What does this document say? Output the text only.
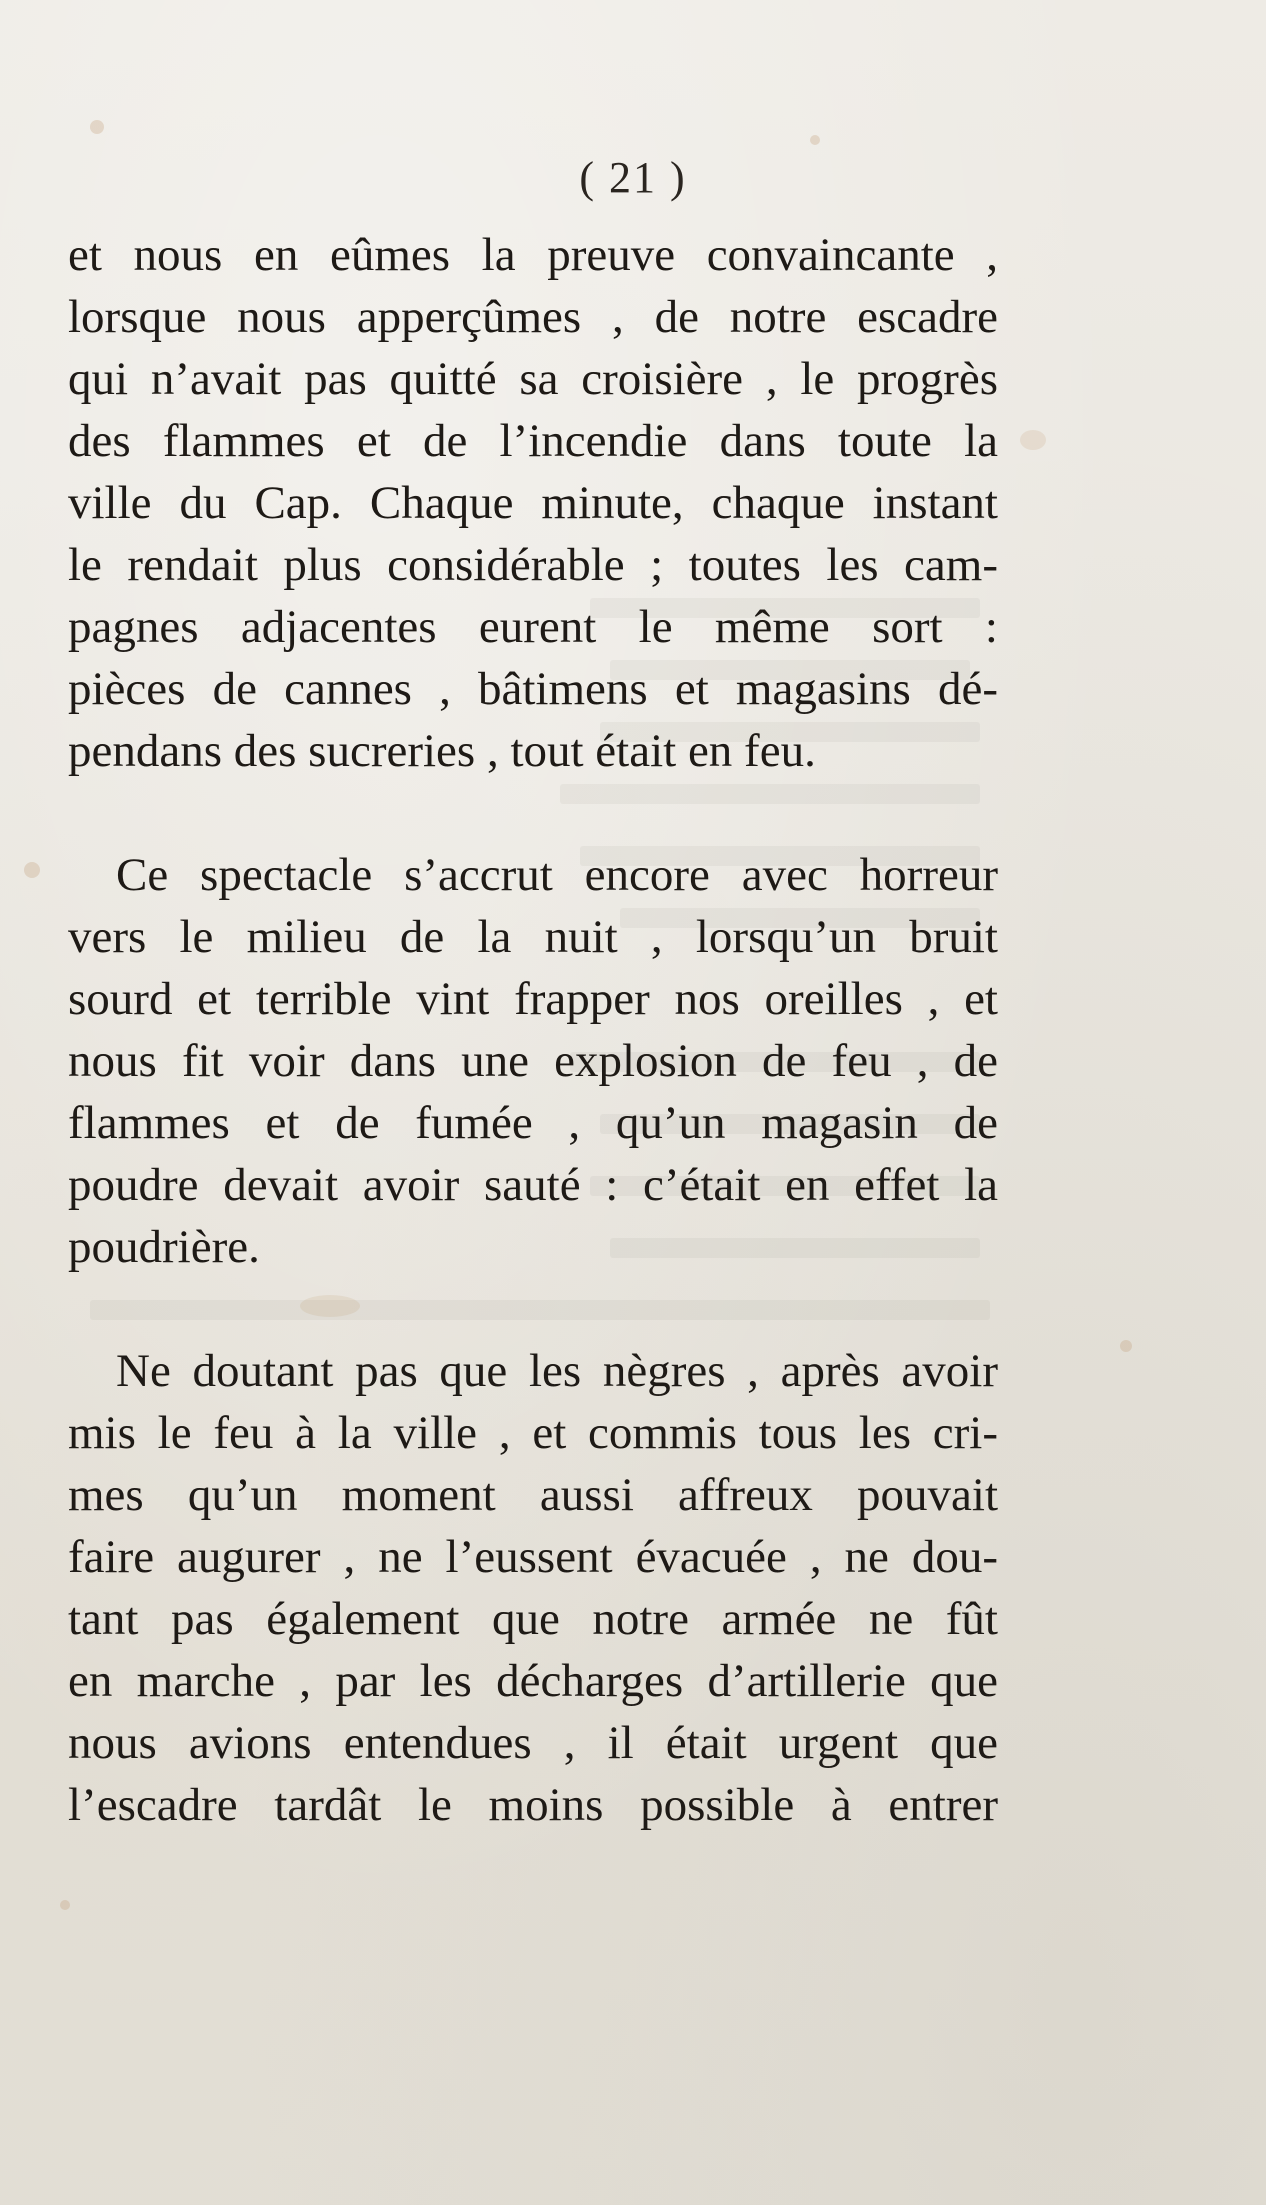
( 21 )
et nous en eûmes la preuve convaincante ,
lorsque nous apperçûmes , de notre escadre
qui n’avait pas quitté sa croisière , le progrès
des flammes et de l’incendie dans toute la
ville du Cap. Chaque minute, chaque instant
le rendait plus considérable ; toutes les cam-
pagnes adjacentes eurent le même sort :
pièces de cannes , bâtimens et magasins dé-
pendans des sucreries , tout était en feu.
Ce spectacle s’accrut encore avec horreur
vers le milieu de la nuit , lorsqu’un bruit
sourd et terrible vint frapper nos oreilles , et
nous fit voir dans une explosion de feu , de
flammes et de fumée , qu’un magasin de
poudre devait avoir sauté : c’était en effet la
poudrière.
Ne doutant pas que les nègres , après avoir
mis le feu à la ville , et commis tous les cri-
mes qu’un moment aussi affreux pouvait
faire augurer , ne l’eussent évacuée , ne dou-
tant pas également que notre armée ne fût
en marche , par les décharges d’artillerie que
nous avions entendues , il était urgent que
l’escadre tardât le moins possible à entrer
